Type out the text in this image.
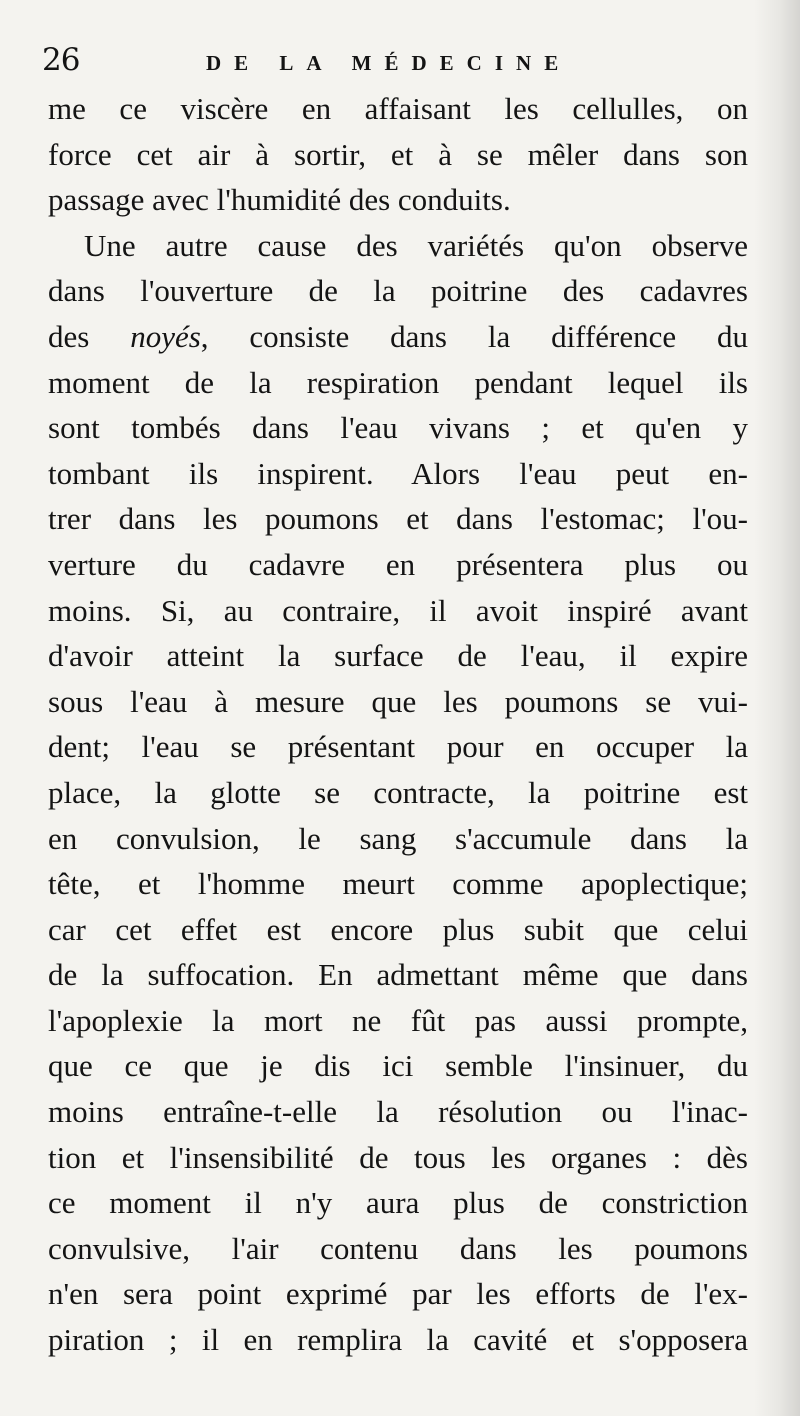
26	DE LA MÉDECINE
me ce viscère en affaisant les cellulles, on
force cet air à sortir, et à se mêler dans son
passage avec l'humidité des conduits.
Une autre cause des variétés qu'on observe
dans l'ouverture de la poitrine des cadavres
des noyés, consiste dans la différence du
moment de la respiration pendant lequel ils
sont tombés dans l'eau vivans ; et qu'en y
tombant ils inspirent. Alors l'eau peut en-
trer dans les poumons et dans l'estomac; l'ou-
verture du cadavre en présentera plus ou
moins. Si, au contraire, il avoit inspiré avant
d'avoir atteint la surface de l'eau, il expire
sous l'eau à mesure que les poumons se vui-
dent; l'eau se présentant pour en occuper la
place, la glotte se contracte, la poitrine est
en convulsion, le sang s'accumule dans la
tête, et l'homme meurt comme apoplectique;
car cet effet est encore plus subit que celui
de la suffocation. En admettant même que dans
l'apoplexie la mort ne fût pas aussi prompte,
que ce que je dis ici semble l'insinuer, du
moins entraîne-t-elle la résolution ou l'inac-
tion et l'insensibilité de tous les organes : dès
ce moment il n'y aura plus de constriction
convulsive, l'air contenu dans les poumons
n'en sera point exprimé par les efforts de l'ex-
piration ; il en remplira la cavité et s'opposera
